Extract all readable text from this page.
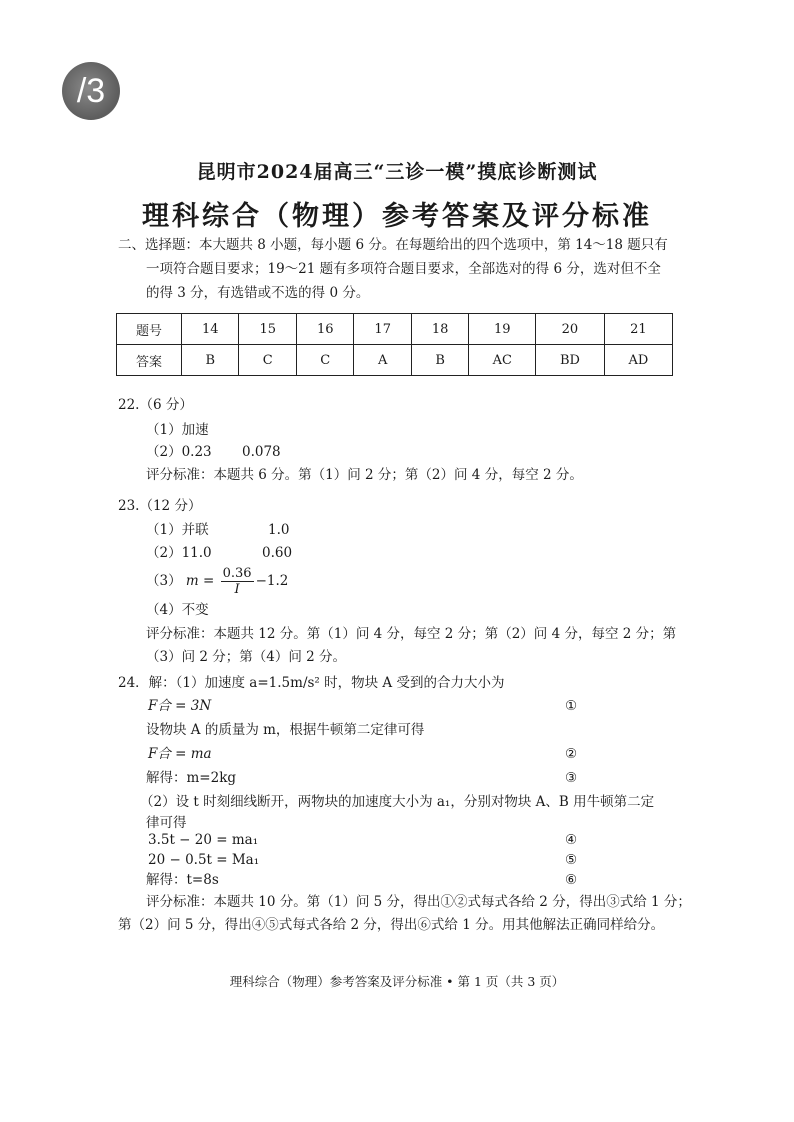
/3
昆明市2024届高三“三诊一模”摸底诊断测试
理科综合（物理）参考答案及评分标准
二、选择题：本大题共 8 小题，每小题 6 分。在每题给出的四个选项中，第 14～18 题只有
一项符合题目要求；19～21 题有多项符合题目要求，全部选对的得 6 分，选对但不全
的得 3 分，有选错或不选的得 0 分。
题号	14	15	16	17	18	19	20	21
答案	B	C	C	A	B	AC	BD	AD
22.（6 分）
（1）加速
（2）0.23 0.078
评分标准：本题共 6 分。第（1）问 2 分；第（2）问 4 分，每空 2 分。
23.（12 分）
（1）并联	1.0
（2）11.0	0.60
（3） $m = \frac{0.36}{I} -1.2$
（4）不变
评分标准：本题共 12 分。第（1）问 4 分，每空 2 分；第（2）问 4 分，每空 2 分；第
（3）问 2 分；第（4）问 2 分。
24．解：（1）加速度 a=1.5m/s² 时，物块 A 受到的合力大小为
F合 = 3N	①
设物块 A 的质量为 m，根据牛顿第二定律可得
F合 = ma	②
解得：m=2kg	③
（2）设 t 时刻细线断开，两物块的加速度大小为 a₁，分别对物块 A、B 用牛顿第二定
律可得
3.5t − 20 = ma₁	④
20 − 0.5t = Ma₁	⑤
解得：t=8s	⑥
评分标准：本题共 10 分。第（1）问 5 分，得出①②式每式各给 2 分，得出③式给 1 分；
第（2）问 5 分，得出④⑤式每式各给 2 分，得出⑥式给 1 分。用其他解法正确同样给分。
理科综合（物理）参考答案及评分标准 • 第 1 页（共 3 页）
